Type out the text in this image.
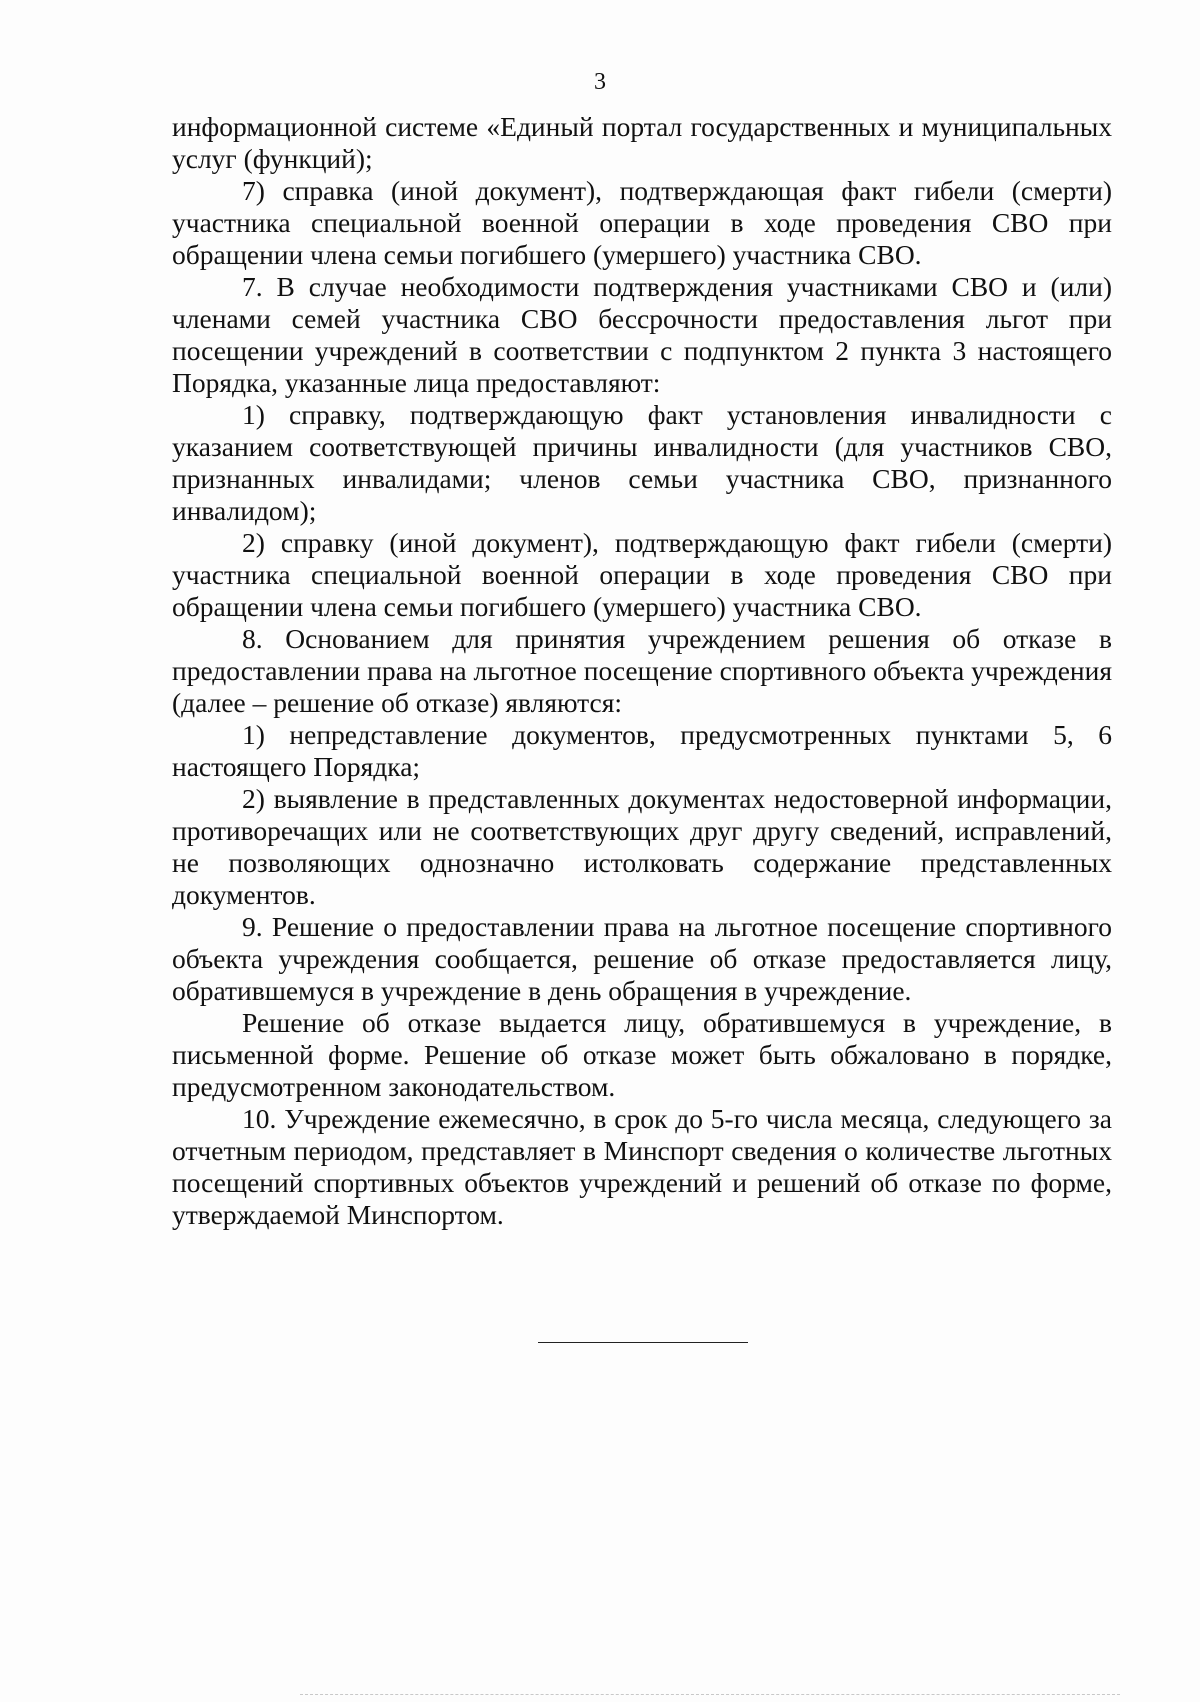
3

информационной системе «Единый портал государственных и муниципальных услуг (функций);

7) справка (иной документ), подтверждающая факт гибели (смерти) участника специальной военной операции в ходе проведения СВО при обращении члена семьи погибшего (умершего) участника СВО.

7. В случае необходимости подтверждения участниками СВО и (или) членами семей участника СВО бессрочности предоставления льгот при посещении учреждений в соответствии с подпунктом 2 пункта 3 настоящего Порядка, указанные лица предоставляют:

1) справку, подтверждающую факт установления инвалидности с указанием соответствующей причины инвалидности (для участников СВО, признанных инвалидами; членов семьи участника СВО, признанного инвалидом);

2) справку (иной документ), подтверждающую факт гибели (смерти) участника специальной военной операции в ходе проведения СВО при обращении члена семьи погибшего (умершего) участника СВО.

8. Основанием для принятия учреждением решения об отказе в предоставлении права на льготное посещение спортивного объекта учреждения (далее – решение об отказе) являются:

1) непредставление документов, предусмотренных пунктами 5, 6 настоящего Порядка;

2) выявление в представленных документах недостоверной информации, противоречащих или не соответствующих друг другу сведений, исправлений, не позволяющих однозначно истолковать содержание представленных документов.

9. Решение о предоставлении права на льготное посещение спортивного объекта учреждения сообщается, решение об отказе предоставляется лицу, обратившемуся в учреждение в день обращения в учреждение.

Решение об отказе выдается лицу, обратившемуся в учреждение, в письменной форме. Решение об отказе может быть обжаловано в порядке, предусмотренном законодательством.

10. Учреждение ежемесячно, в срок до 5-го числа месяца, следующего за отчетным периодом, представляет в Минспорт сведения о количестве льготных посещений спортивных объектов учреждений и решений об отказе по форме, утверждаемой Минспортом.
